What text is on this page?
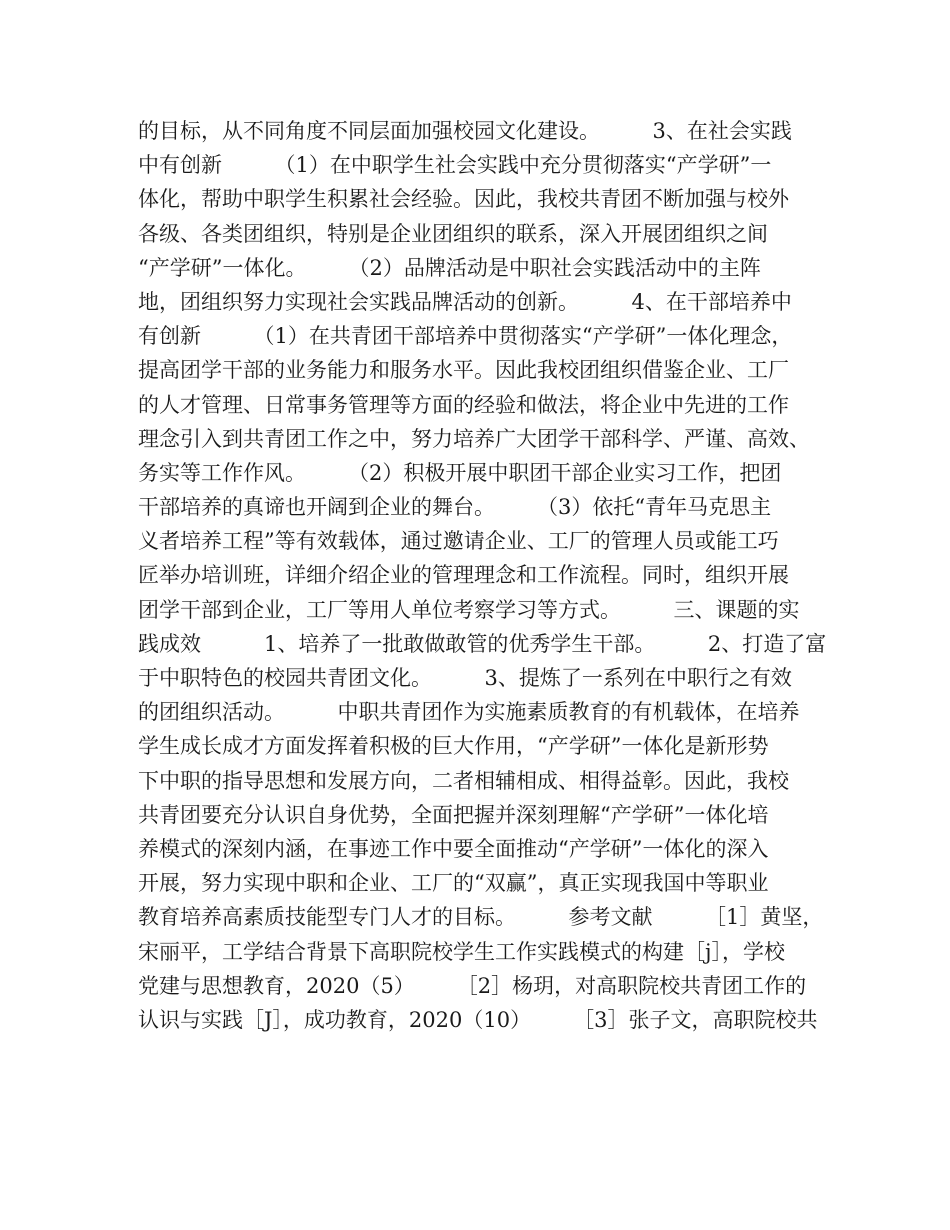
的目标，从不同角度不同层面加强校园文化建设。　　　3、在社会实践
中有创新　　　（1）在中职学生社会实践中充分贯彻落实“产学研”一
体化，帮助中职学生积累社会经验。因此，我校共青团不断加强与校外
各级、各类团组织，特别是企业团组织的联系，深入开展团组织之间
“产学研”一体化。　　　（2）品牌活动是中职社会实践活动中的主阵
地，团组织努力实现社会实践品牌活动的创新。　　　4、在干部培养中
有创新　　　（1）在共青团干部培养中贯彻落实“产学研”一体化理念，
提高团学干部的业务能力和服务水平。因此我校团组织借鉴企业、工厂
的人才管理、日常事务管理等方面的经验和做法，将企业中先进的工作
理念引入到共青团工作之中，努力培养广大团学干部科学、严谨、高效、
务实等工作作风。　　　（2）积极开展中职团干部企业实习工作，把团
干部培养的真谛也开阔到企业的舞台。　　　（3）依托“青年马克思主
义者培养工程”等有效载体，通过邀请企业、工厂的管理人员或能工巧
匠举办培训班，详细介绍企业的管理理念和工作流程。同时，组织开展
团学干部到企业，工厂等用人单位考察学习等方式。　　　三、课题的实
践成效　　　1、培养了一批敢做敢管的优秀学生干部。　　　2、打造了富
于中职特色的校园共青团文化。　　　3、提炼了一系列在中职行之有效
的团组织活动。　　　中职共青团作为实施素质教育的有机载体，在培养
学生成长成才方面发挥着积极的巨大作用，“产学研”一体化是新形势
下中职的指导思想和发展方向，二者相辅相成、相得益彰。因此，我校
共青团要充分认识自身优势，全面把握并深刻理解“产学研”一体化培
养模式的深刻内涵，在事迹工作中要全面推动“产学研”一体化的深入
开展，努力实现中职和企业、工厂的“双赢”，真正实现我国中等职业
教育培养高素质技能型专门人才的目标。　　　参考文献　　　［1］黄坚，
宋丽平，工学结合背景下高职院校学生工作实践模式的构建［j］，学校
党建与思想教育，2020（5）　　　［2］杨玥，对高职院校共青团工作的
认识与实践［J］，成功教育，2020（10）　　　［3］张子文，高职院校共
